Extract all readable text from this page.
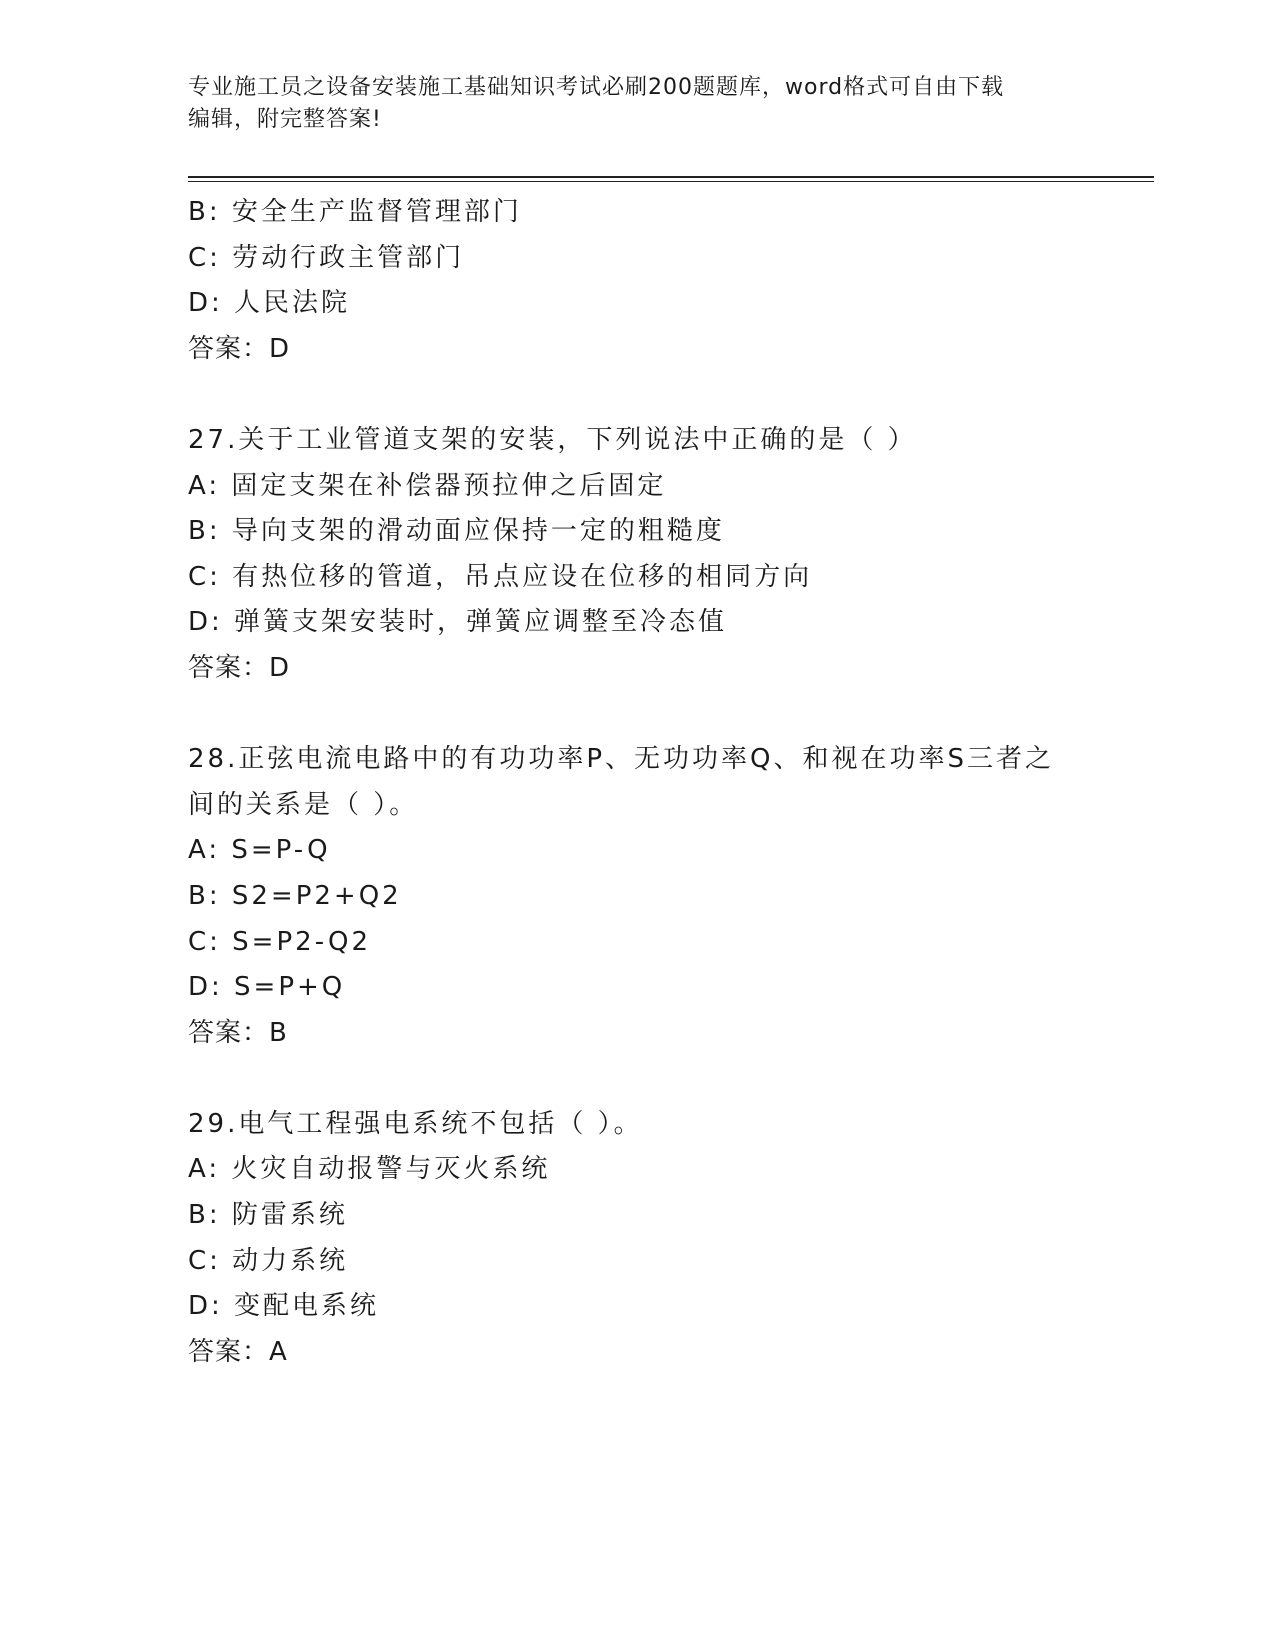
专业施工员之设备安装施工基础知识考试必刷200题题库，word格式可自由下载
编辑，附完整答案!
B: 安全生产监督管理部门
C: 劳动行政主管部门
D: 人民法院
答案：D
27.关于工业管道支架的安装，下列说法中正确的是（ ）
A: 固定支架在补偿器预拉伸之后固定
B: 导向支架的滑动面应保持一定的粗糙度
C: 有热位移的管道，吊点应设在位移的相同方向
D: 弹簧支架安装时，弹簧应调整至冷态值
答案：D
28.正弦电流电路中的有功功率P、无功功率Q、和视在功率S三者之
间的关系是（ ）。
A: S=P-Q
B: S2=P2+Q2
C: S=P2-Q2
D: S=P+Q
答案：B
29.电气工程强电系统不包括（ ）。
A: 火灾自动报警与灭火系统
B: 防雷系统
C: 动力系统
D: 变配电系统
答案：A
